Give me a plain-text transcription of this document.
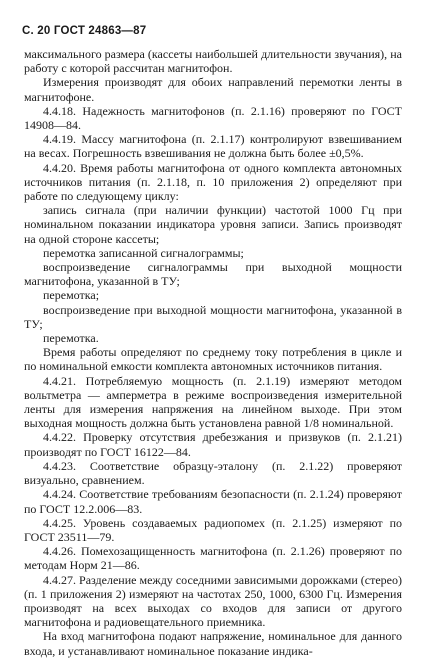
С. 20 ГОСТ 24863—87

максимального размера (кассеты наибольшей длительности звучания), на работу с которой рассчитан магнитофон.

Измерения производят для обоих направлений перемотки ленты в магнитофоне.

4.4.18. Надежность магнитофонов (п. 2.1.16) проверяют по ГОСТ 14908—84.

4.4.19. Массу магнитофона (п. 2.1.17) контролируют взвешиванием на весах. Погрешность взвешивания не должна быть более ±0,5%.

4.4.20. Время работы магнитофона от одного комплекта автономных источников питания (п. 2.1.18, п. 10 приложения 2) определяют при работе по следующему циклу:

запись сигнала (при наличии функции) частотой 1000 Гц при номинальном показании индикатора уровня записи. Запись производят на одной стороне кассеты;

перемотка записанной сигналограммы;

воспроизведение сигналограммы при выходной мощности магнитофона, указанной в ТУ;

перемотка;

воспроизведение при выходной мощности магнитофона, указанной в ТУ;

перемотка.

Время работы определяют по среднему току потребления в цикле и по номинальной емкости комплекта автономных источников питания.

4.4.21. Потребляемую мощность (п. 2.1.19) измеряют методом вольтметра — амперметра в режиме воспроизведения измерительной ленты для измерения напряжения на линейном выходе. При этом выходная мощность должна быть установлена равной 1/8 номинальной.

4.4.22. Проверку отсутствия дребезжания и призвуков (п. 2.1.21) производят по ГОСТ 16122—84.

4.4.23. Соответствие образцу-эталону (п. 2.1.22) проверяют визуально, сравнением.

4.4.24. Соответствие требованиям безопасности (п. 2.1.24) проверяют по ГОСТ 12.2.006—83.

4.4.25. Уровень создаваемых радиопомех (п. 2.1.25) измеряют по ГОСТ 23511—79.

4.4.26. Помехозащищенность магнитофона (п. 2.1.26) проверяют по методам Норм 21—86.

4.4.27. Разделение между соседними зависимыми дорожками (стерео) (п. 1 приложения 2) измеряют на частотах 250, 1000, 6300 Гц. Измерения производят на всех выходах со входов для записи от другого магнитофона и радиовещательного приемника.

На вход магнитофона подают напряжение, номинальное для данного входа, и устанавливают номинальное показание индика-
